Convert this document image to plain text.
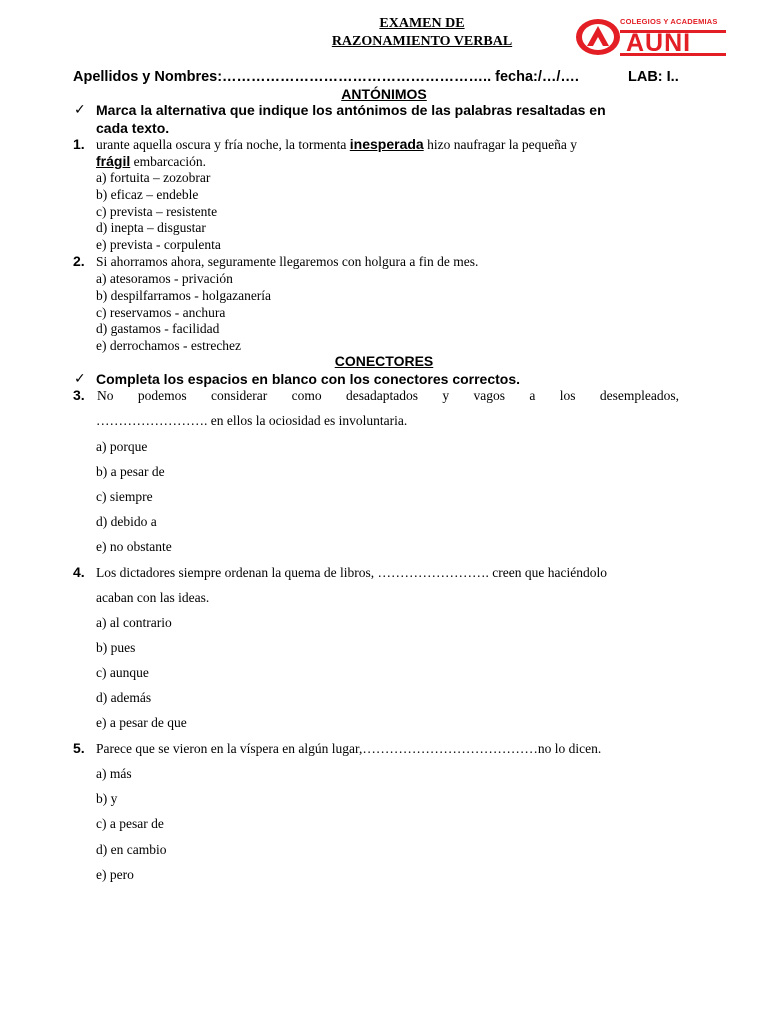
EXAMEN DE
RAZONAMIENTO VERBAL
COLEGIOS Y ACADEMIAS
AUNI
Apellidos y Nombres:……………………………………………….. fecha:/…/….	LAB: I..
ANTÓNIMOS
✓ Marca la alternativa que indique los antónimos de las palabras resaltadas en
cada texto.
1. urante aquella oscura y fría noche, la tormenta inesperada hizo naufragar la pequeña y
frágil embarcación.
a) fortuita – zozobrar
b) eficaz – endeble
c) prevista – resistente
d) inepta – disgustar
e) prevista - corpulenta
2. Si ahorramos ahora, seguramente llegaremos con holgura a fin de mes.
a) atesoramos - privación
b) despilfarramos - holgazanería
c) reservamos - anchura
d) gastamos - facilidad
e) derrochamos - estrechez
CONECTORES
✓ Completa los espacios en blanco con los conectores correctos.
3. No podemos considerar como desadaptados y vagos a los desempleados,
……………………. en ellos la ociosidad es involuntaria.
a) porque
b) a pesar de
c) siempre
d) debido a
e) no obstante
4. Los dictadores siempre ordenan la quema de libros, ……………………. creen que haciéndolo
acaban con las ideas.
a) al contrario
b) pues
c) aunque
d) además
e) a pesar de que
5. Parece que se vieron en la víspera en algún lugar,…………………………………no lo dicen.
a) más
b) y
c) a pesar de
d) en cambio
e) pero
